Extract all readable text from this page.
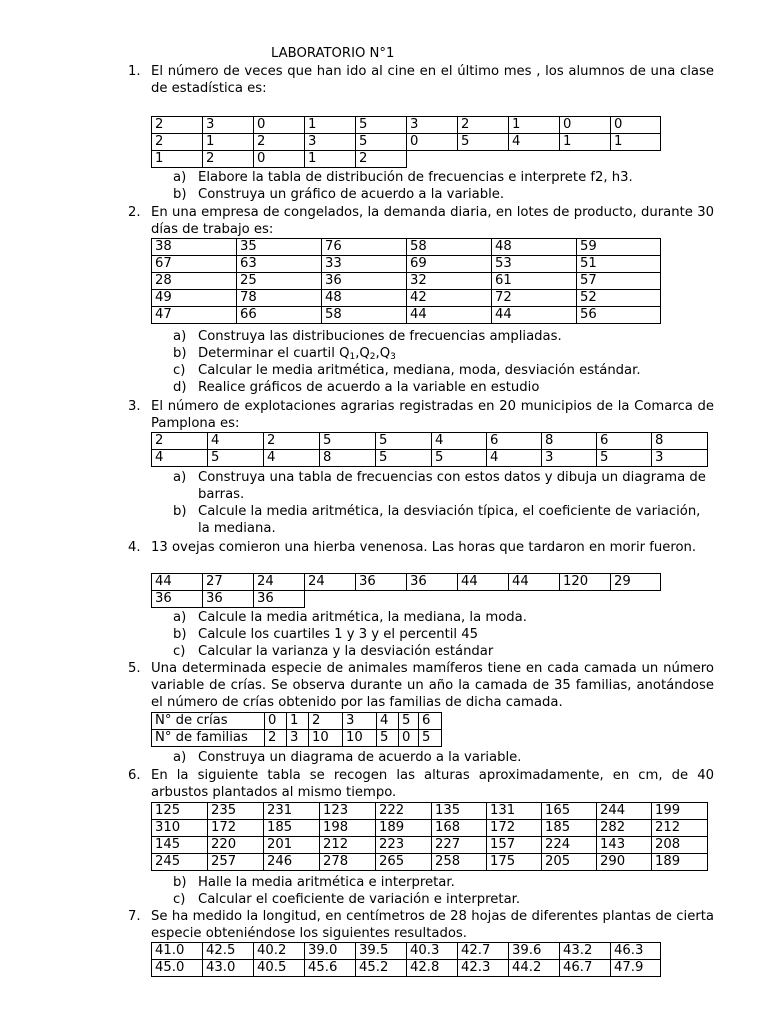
LABORATORIO N°1
1. El número de veces que han ido al cine en el último mes , los alumnos de una clase de estadística es:
2	3	0	1	5	3	2	1	0	0
2	1	2	3	5	0	5	4	1	1
1	2	0	1	2					
a) Elabore la tabla de distribución de frecuencias e interprete f2, h3.
b) Construya un gráfico de acuerdo a la variable.
2. En una empresa de congelados, la demanda diaria, en lotes de producto, durante 30 días de trabajo es:
38	35	76	58	48	59
67	63	33	69	53	51
28	25	36	32	61	57
49	78	48	42	72	52
47	66	58	44	44	56
a) Construya las distribuciones de frecuencias ampliadas.
b) Determinar el cuartil $Q_1,Q_2,Q_3$
c) Calcular le media aritmética, mediana, moda, desviación estándar.
d) Realice gráficos de acuerdo a la variable en estudio
3. El número de explotaciones agrarias registradas en 20 municipios de la Comarca de Pamplona es:
2	4	2	5	5	4	6	8	6	8
4	5	4	8	5	5	4	3	5	3
a) Construya una tabla de frecuencias con estos datos y dibuja un diagrama de barras.
b) Calcule la media aritmética, la desviación típica, el coeficiente de variación, la mediana.
4. 13 ovejas comieron una hierba venenosa. Las horas que tardaron en morir fueron.
44	27	24	24	36	36	44	44	120	29
36	36	36							
a) Calcule la media aritmética, la mediana, la moda.
b) Calcule los cuartiles 1 y 3 y el percentil 45
c) Calcular la varianza y la desviación estándar
5. Una determinada especie de animales mamíferos tiene en cada camada un número variable de crías. Se observa durante un año la camada de 35 familias, anotándose el número de crías obtenido por las familias de dicha camada.
N° de crías	0	1	2	3	4	5	6
N° de familias	2	3	10	10	5	0	5
a) Construya un diagrama de acuerdo a la variable.
6. En la siguiente tabla se recogen las alturas aproximadamente, en cm, de 40 arbustos plantados al mismo tiempo.
125	235	231	123	222	135	131	165	244	199
310	172	185	198	189	168	172	185	282	212
145	220	201	212	223	227	157	224	143	208
245	257	246	278	265	258	175	205	290	189
b) Halle la media aritmética e interpretar.
c) Calcular el coeficiente de variación e interpretar.
7. Se ha medido la longitud, en centímetros de 28 hojas de diferentes plantas de cierta especie obteniéndose los siguientes resultados.
41.0	42.5	40.2	39.0	39.5	40.3	42.7	39.6	43.2	46.3
45.0	43.0	40.5	45.6	45.2	42.8	42.3	44.2	46.7	47.9
